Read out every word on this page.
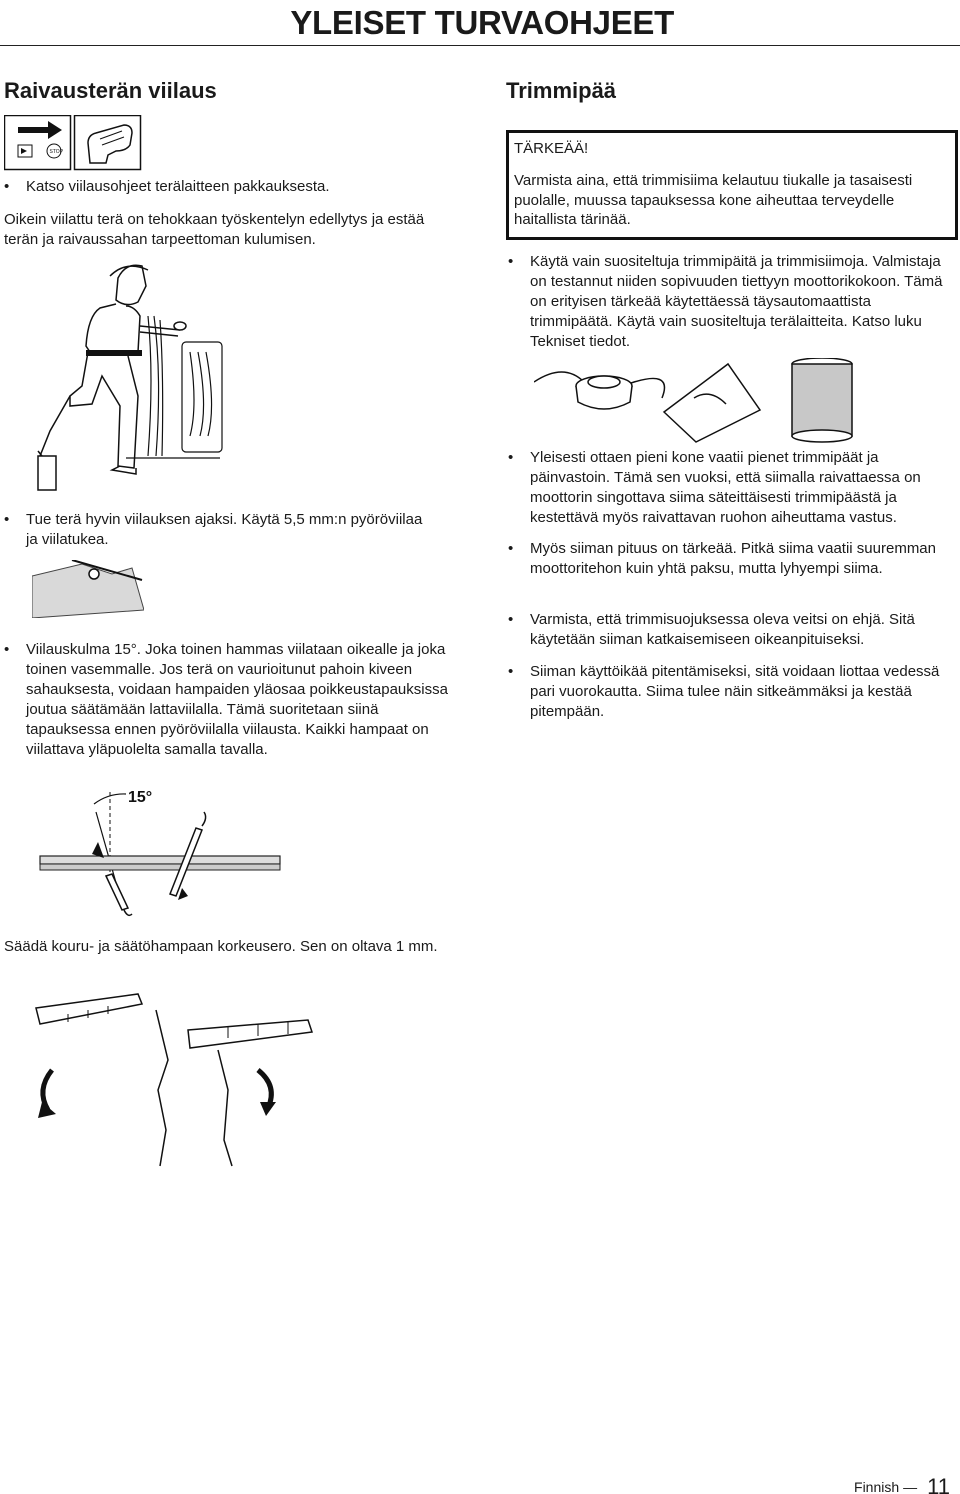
YLEISET TURVAOHJEET
Raivausterän viilaus
STOP
• Katso viilausohjeet terälaitteen pakkauksesta.
Oikein viilattu terä on tehokkaan työskentelyn edellytys ja estää terän ja raivaussahan tarpeettoman kulumisen.
• Tue terä hyvin viilauksen ajaksi. Käytä 5,5 mm:n pyöröviilaa ja viilatukea.
• Viilauskulma 15°. Joka toinen hammas viilataan oikealle ja joka toinen vasemmalle. Jos terä on vaurioitunut pahoin kiveen sahauksesta, voidaan hampaiden yläosaa poikkeustapauksissa joutua säätämään lattaviilalla. Tämä suoritetaan siinä tapauksessa ennen pyöröviilalla viilausta. Kaikki hampaat on viilattava yläpuolelta samalla tavalla.
15°
Säädä kouru- ja säätöhampaan korkeusero. Sen on oltava 1 mm.
Trimmipää
TÄRKEÄÄ!
Varmista aina, että trimmisiima kelautuu tiukalle ja tasaisesti puolalle, muussa tapauksessa kone aiheuttaa terveydelle haitallista tärinää.
• Käytä vain suositeltuja trimmipäitä ja trimmisiimoja. Valmistaja on testannut niiden sopivuuden tiettyyn moottorikokoon. Tämä on erityisen tärkeää käytettäessä täysautomaattista trimmipäätä. Käytä vain suositeltuja terälaitteita. Katso luku Tekniset tiedot.
• Yleisesti ottaen pieni kone vaatii pienet trimmipäät ja päinvastoin. Tämä sen vuoksi, että siimalla raivattaessa on moottorin singottava siima säteittäisesti trimmipäästä ja kestettävä myös raivattavan ruohon aiheuttama vastus.
• Myös siiman pituus on tärkeää. Pitkä siima vaatii suuremman moottoritehon kuin yhtä paksu, mutta lyhyempi siima.
• Varmista, että trimmisuojuksessa oleva veitsi on ehjä. Sitä käytetään siiman katkaisemiseen oikeanpituiseksi.
• Siiman käyttöikää pitentämiseksi, sitä voidaan liottaa vedessä pari vuorokautta. Siima tulee näin sitkeämmäksi ja kestää pitempään.
Finnish — 11
